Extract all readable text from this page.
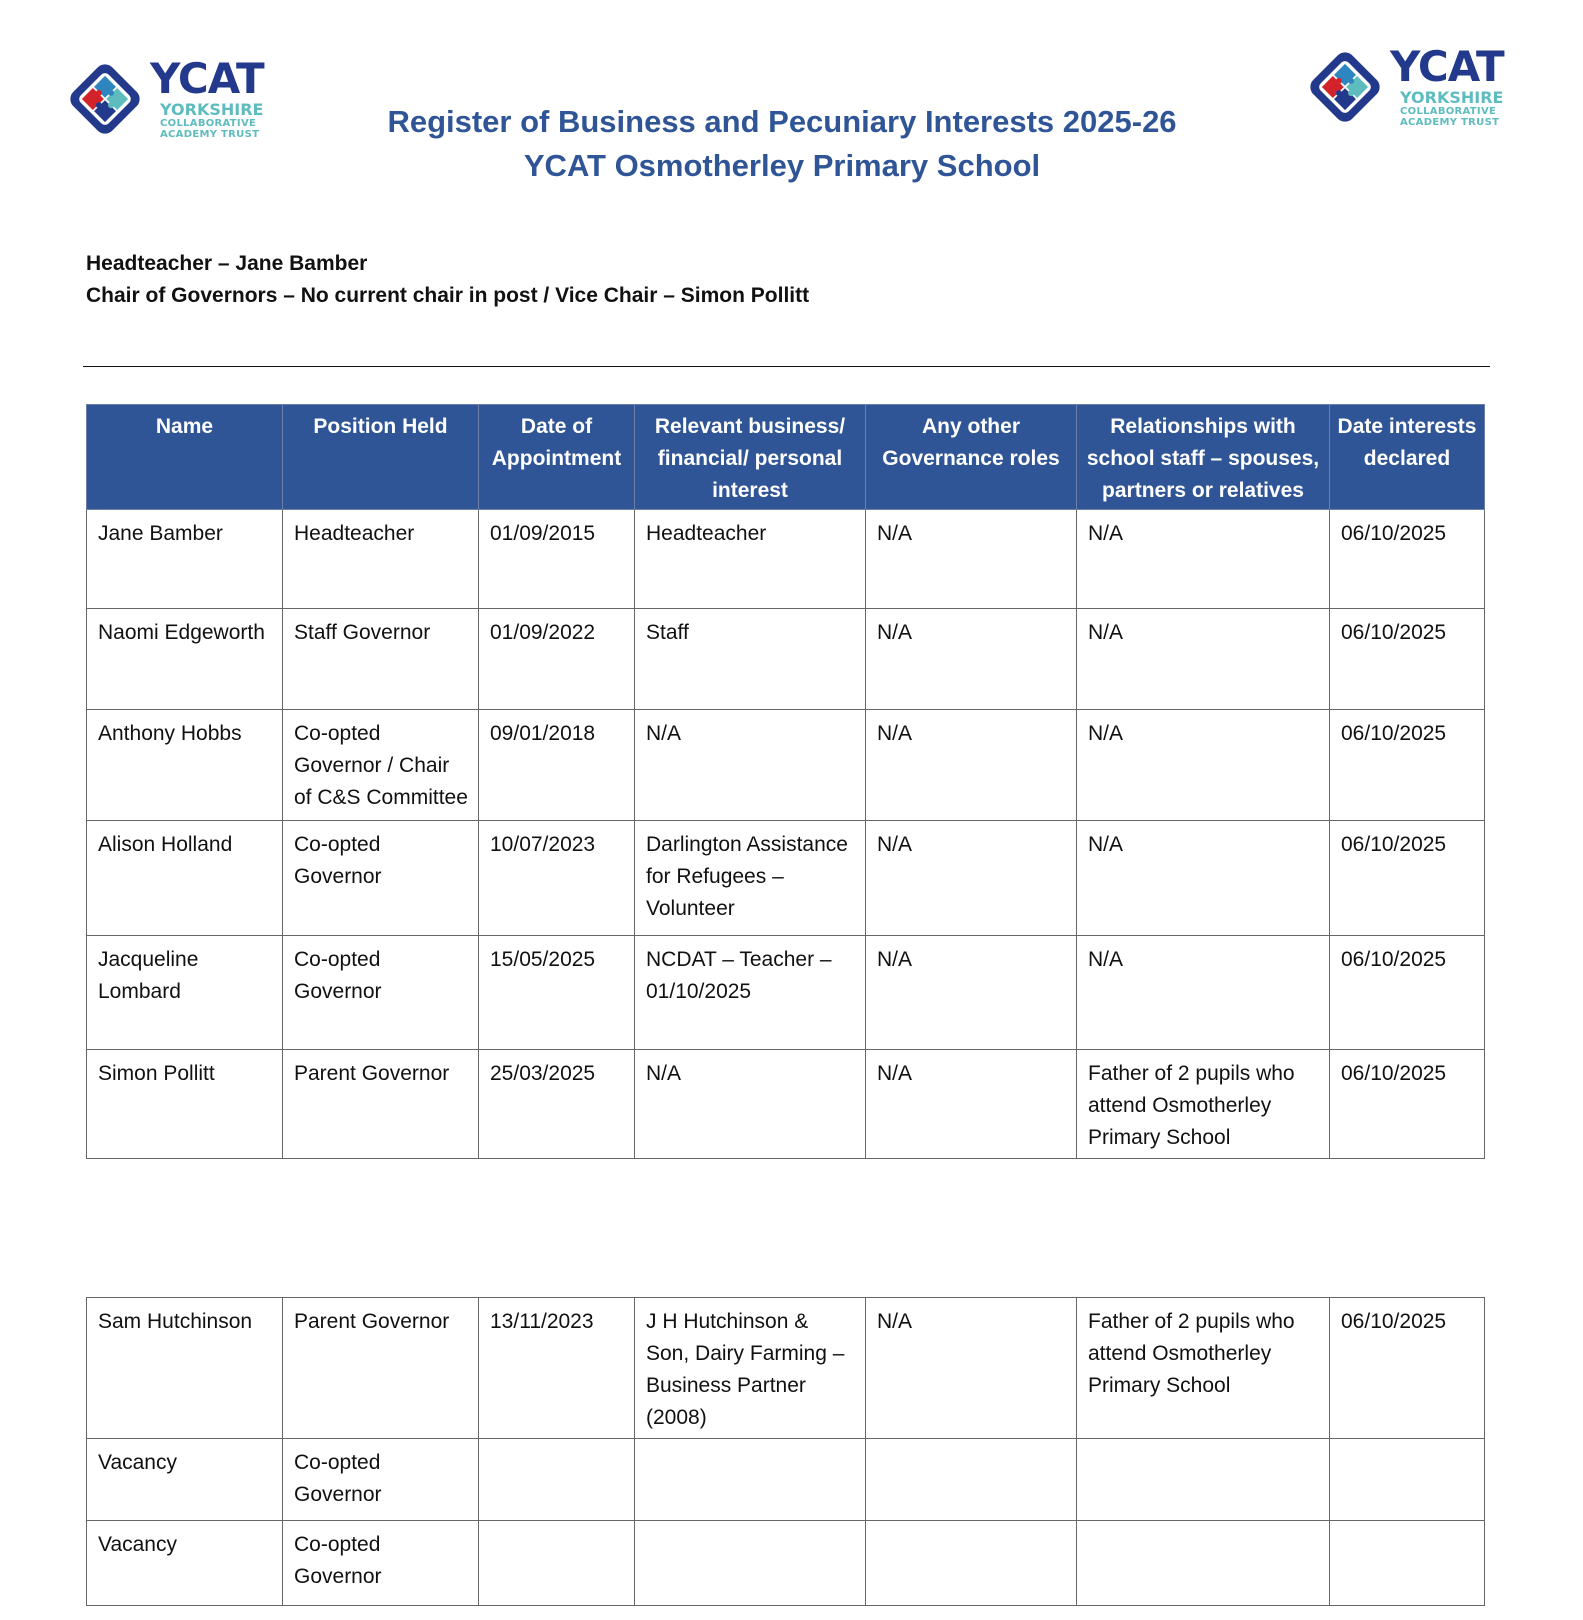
YCAT
YORKSHIRE
COLLABORATIVE
ACADEMY TRUST
YCAT
YORKSHIRE
COLLABORATIVE
ACADEMY TRUST
Register of Business and Pecuniary Interests 2025-26
YCAT Osmotherley Primary School
Headteacher – Jane Bamber
Chair of Governors – No current chair in post / Vice Chair – Simon Pollitt
Name	Position Held	Date of Appointment	Relevant business/ financial/ personal interest	Any other Governance roles	Relationships with school staff – spouses, partners or relatives	Date interests declared
Jane Bamber	Headteacher	01/09/2015	Headteacher	N/A	N/A	06/10/2025
Naomi Edgeworth	Staff Governor	01/09/2022	Staff	N/A	N/A	06/10/2025
Anthony Hobbs	Co-opted Governor / Chair of C&S Committee	09/01/2018	N/A	N/A	N/A	06/10/2025
Alison Holland	Co-opted Governor	10/07/2023	Darlington Assistance for Refugees – Volunteer	N/A	N/A	06/10/2025
Jacqueline Lombard	Co-opted Governor	15/05/2025	NCDAT – Teacher – 01/10/2025	N/A	N/A	06/10/2025
Simon Pollitt	Parent Governor	25/03/2025	N/A	N/A	Father of 2 pupils who attend Osmotherley Primary School	06/10/2025
Sam Hutchinson	Parent Governor	13/11/2023	J H Hutchinson & Son, Dairy Farming – Business Partner (2008)	N/A	Father of 2 pupils who attend Osmotherley Primary School	06/10/2025
Vacancy	Co-opted Governor					
Vacancy	Co-opted Governor					
